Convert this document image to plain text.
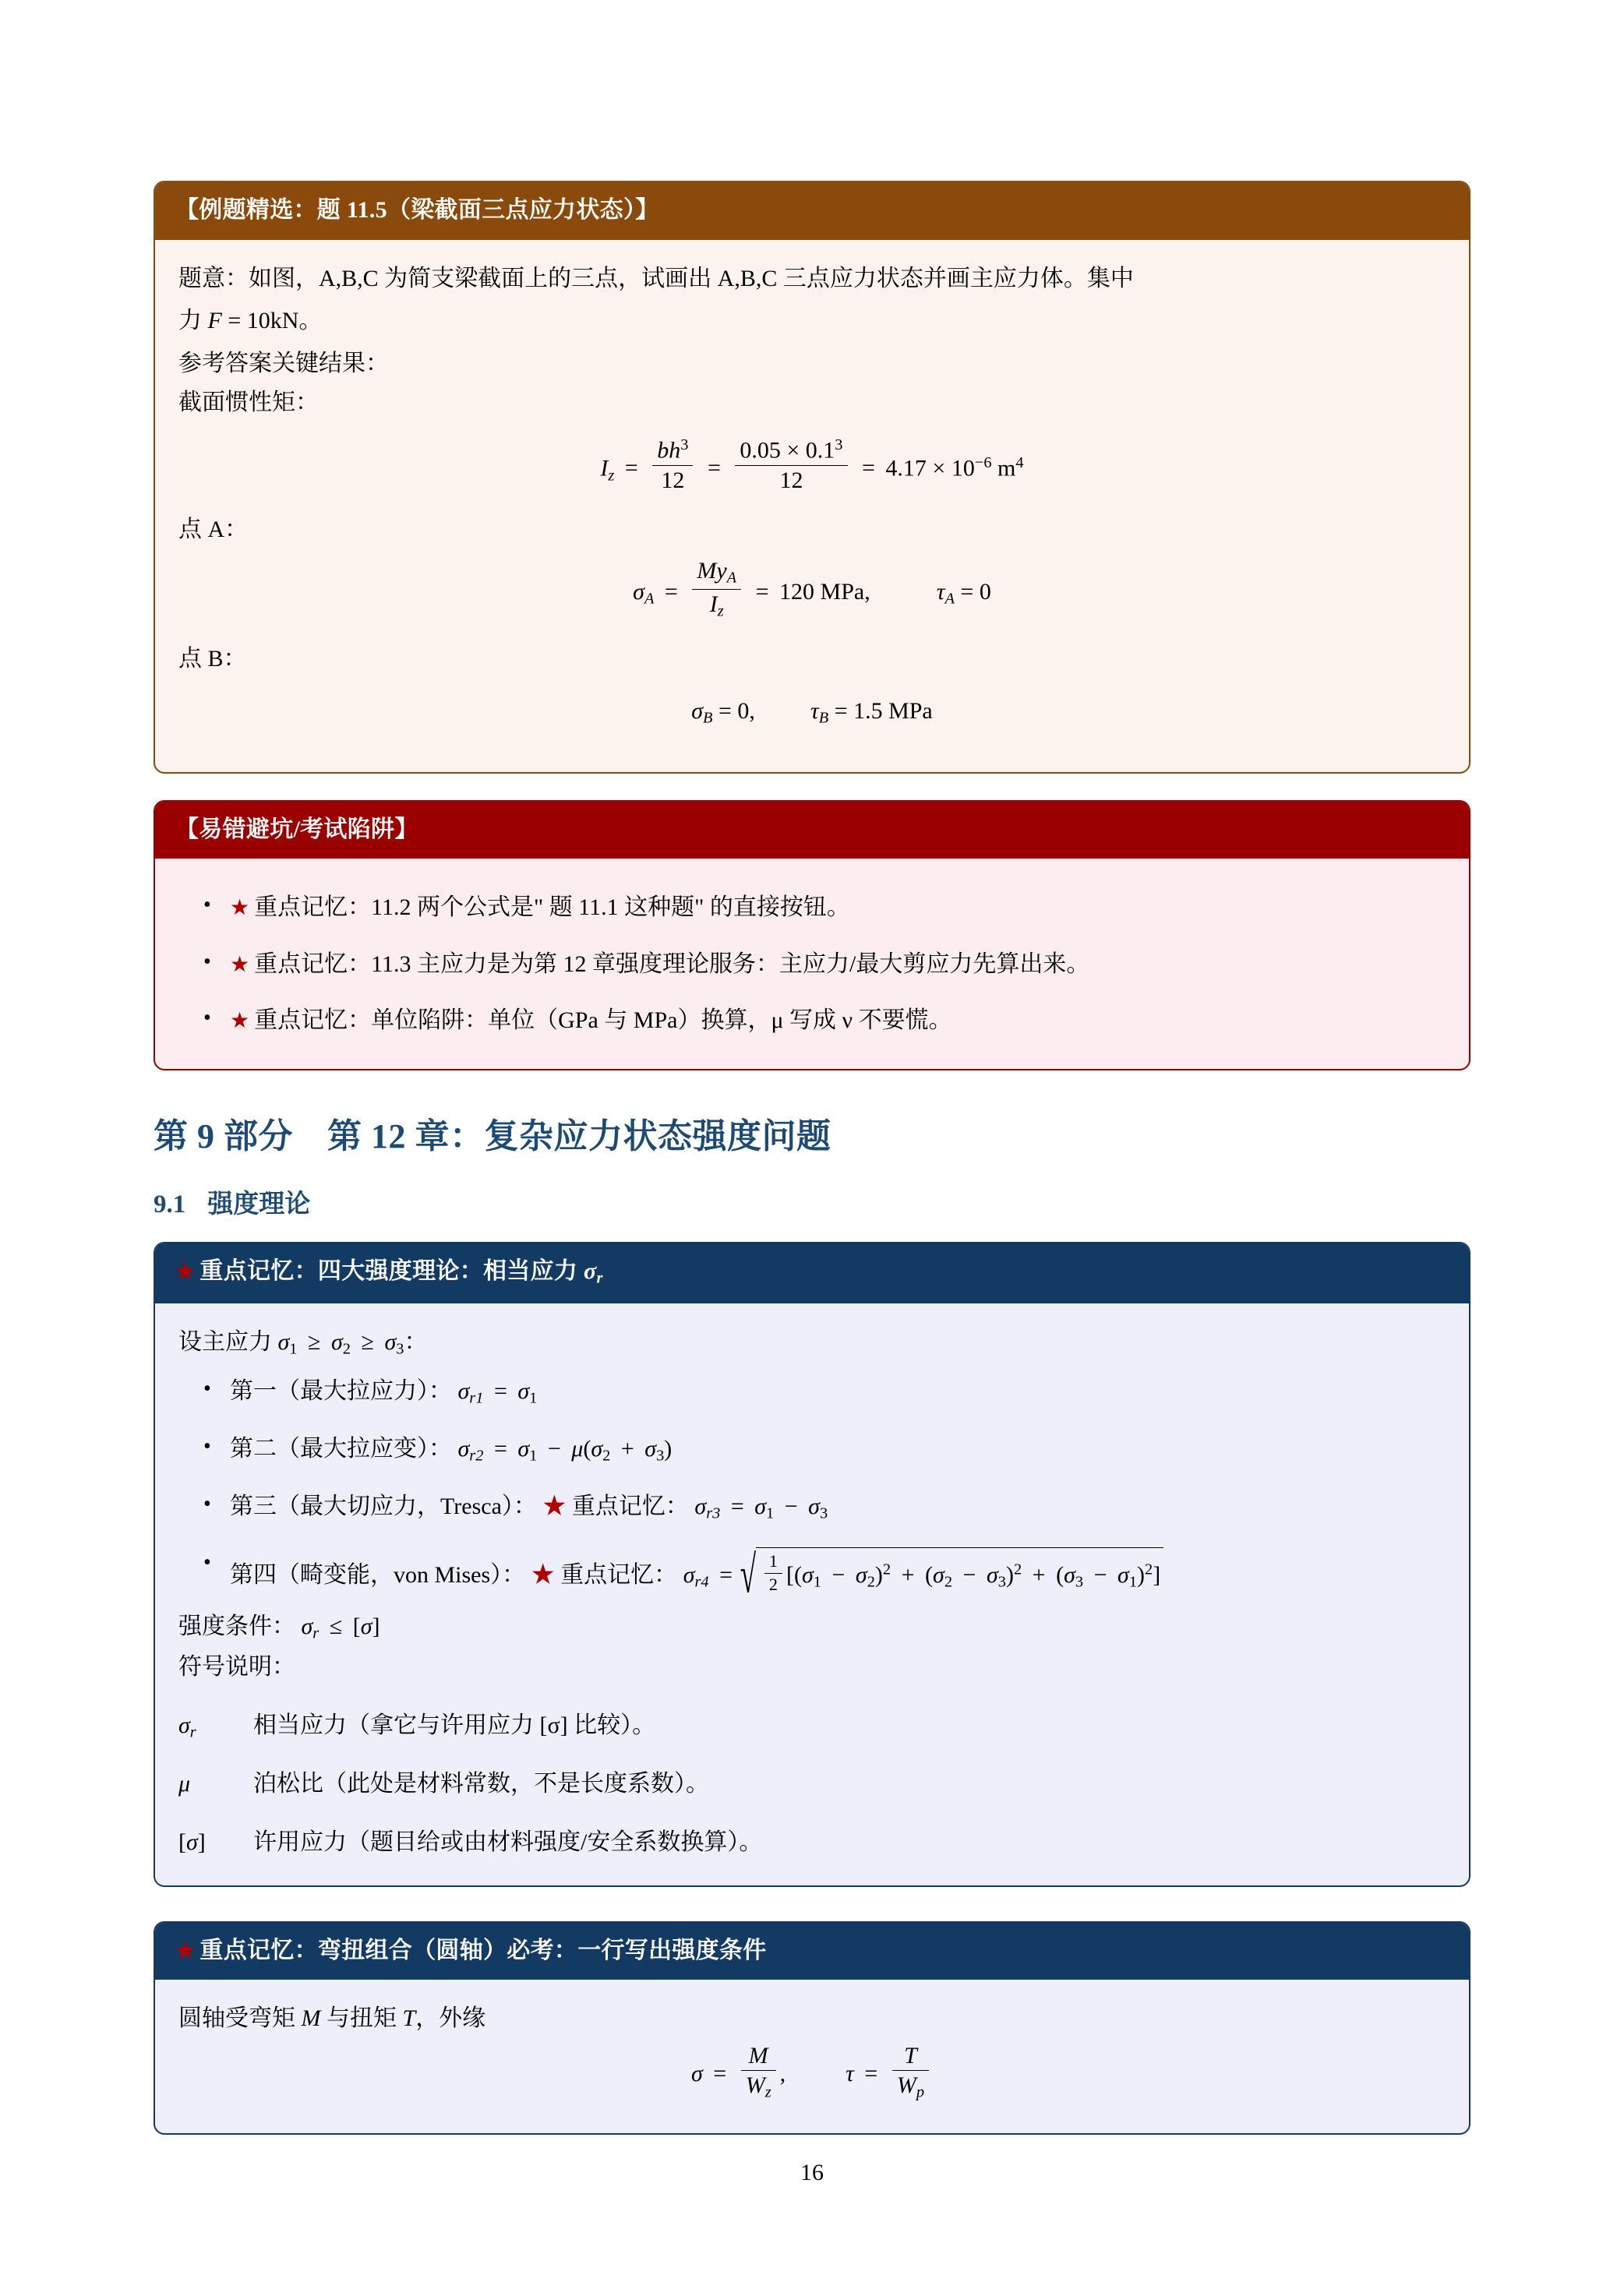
【例题精选：题 11.5（梁截面三点应力状态）】

题意：如图，A,B,C 为简支梁截面上的三点，试画出 A,B,C 三点应力状态并画主应力体。集中

力 F = 10kN。

参考答案关键结果：

截面惯性矩：

$I_z = \frac{bh^3}{12} = \frac{0.05 \times 0.1^3}{12} = 4.17 \times 10^{-6}$ $m^4$

点 A：

$\sigma_A = \frac{My_A}{I_z} = 120$ MPa,	$\tau_A = 0$

点 B：

$\sigma_B = 0$, $\tau_B = 1.5$ MPa
【易错避坑/考试陷阱】
• ★ 重点记忆：11.2 两个公式是" 题 11.1 这种题" 的直接按钮。
• ★ 重点记忆：11.3 主应力是为第 12 章强度理论服务：主应力/最大剪应力先算出来。
• ★ 重点记忆：单位陷阱：单位（GPa 与 MPa）换算，μ 写成 ν 不要慌。
第 9 部分 第 12 章：复杂应力状态强度问题
9.1 强度理论
★ 重点记忆：四大强度理论：相当应力 $\sigma_r$

设主应力 $\sigma_1 \ge \sigma_2 \ge \sigma_3$：

• 第一（最大拉应力）： $\sigma_{r1} = \sigma_1$
• 第二（最大拉应变）： $\sigma_{r2} = \sigma_1 - \mu(\sigma_2 + \sigma_3)$
• 第三（最大切应力，Tresca）： ★ 重点记忆： $\sigma_{r3} = \sigma_1 - \sigma_3$
• 第四（畸变能，von Mises）： ★ 重点记忆： $\sigma_{r4}$ = √ $\frac{1}{2} [(\sigma_1 - \sigma_2)^2 + (\sigma_2 - \sigma_3)^2 + (\sigma_3 - \sigma_1)^2]$

强度条件： $\sigma_r \le [\sigma]$

符号说明：

$\sigma_r$	相当应力（拿它与许用应力 [σ] 比较）。
μ	泊松比（此处是材料常数，不是长度系数）。
[σ]	许用应力（题目给或由材料强度/安全系数换算）。
★ 重点记忆：弯扭组合（圆轴）必考：一行写出强度条件

圆轴受弯矩 M 与扭矩 T，外缘

$\sigma = \frac{M}{W_z}$ ,	$\tau = \frac{T}{W_p}$
16
